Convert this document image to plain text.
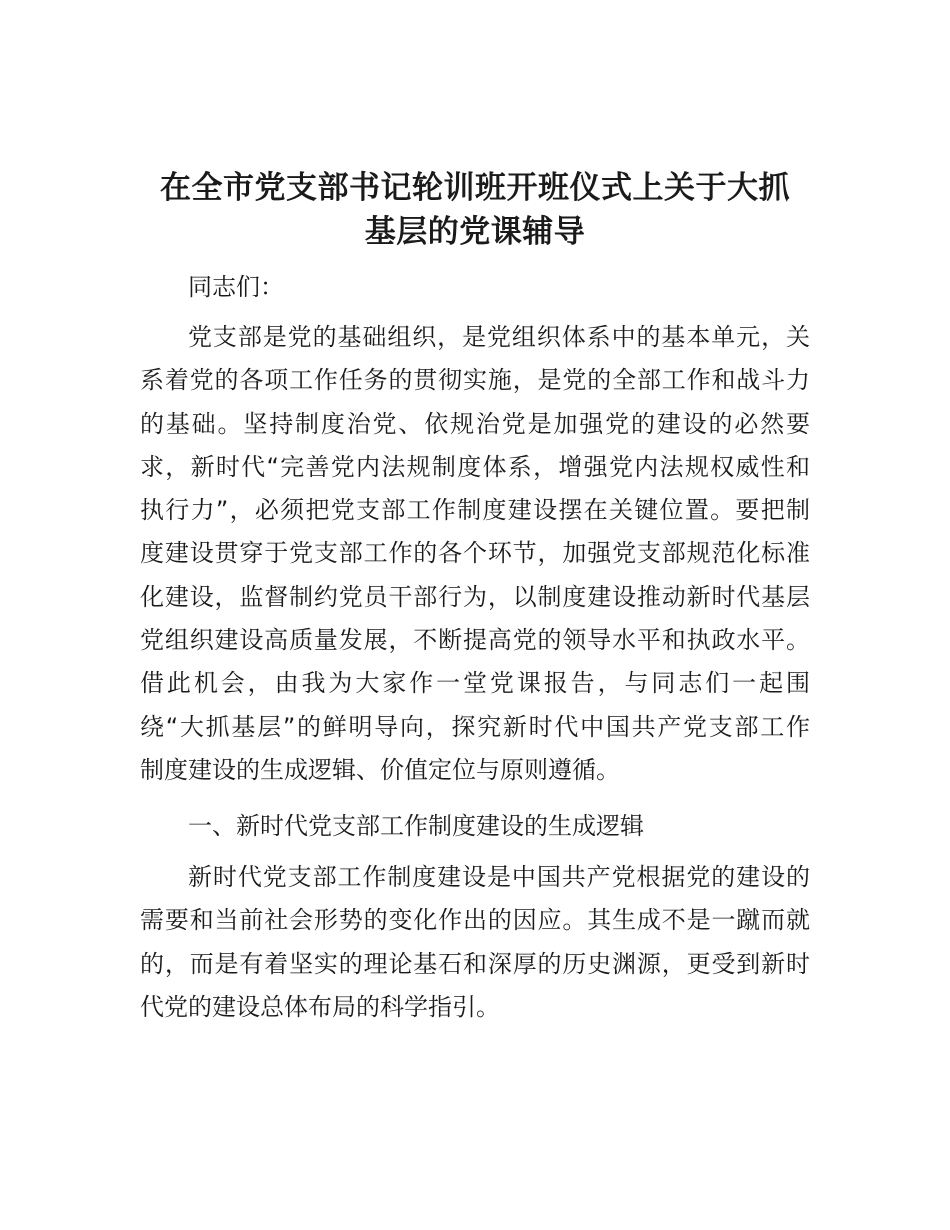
在全市党支部书记轮训班开班仪式上关于大抓
基层的党课辅导
同志们：
党支部是党的基础组织，是党组织体系中的基本单元，关
系着党的各项工作任务的贯彻实施，是党的全部工作和战斗力
的基础。坚持制度治党、依规治党是加强党的建设的必然要
求，新时代“完善党内法规制度体系，增强党内法规权威性和
执行力”，必须把党支部工作制度建设摆在关键位置。要把制
度建设贯穿于党支部工作的各个环节，加强党支部规范化标准
化建设，监督制约党员干部行为，以制度建设推动新时代基层
党组织建设高质量发展，不断提高党的领导水平和执政水平。
借此机会，由我为大家作一堂党课报告，与同志们一起围
绕“大抓基层”的鲜明导向，探究新时代中国共产党支部工作
制度建设的生成逻辑、价值定位与原则遵循。
一、新时代党支部工作制度建设的生成逻辑
新时代党支部工作制度建设是中国共产党根据党的建设的
需要和当前社会形势的变化作出的因应。其生成不是一蹴而就
的，而是有着坚实的理论基石和深厚的历史渊源，更受到新时
代党的建设总体布局的科学指引。
